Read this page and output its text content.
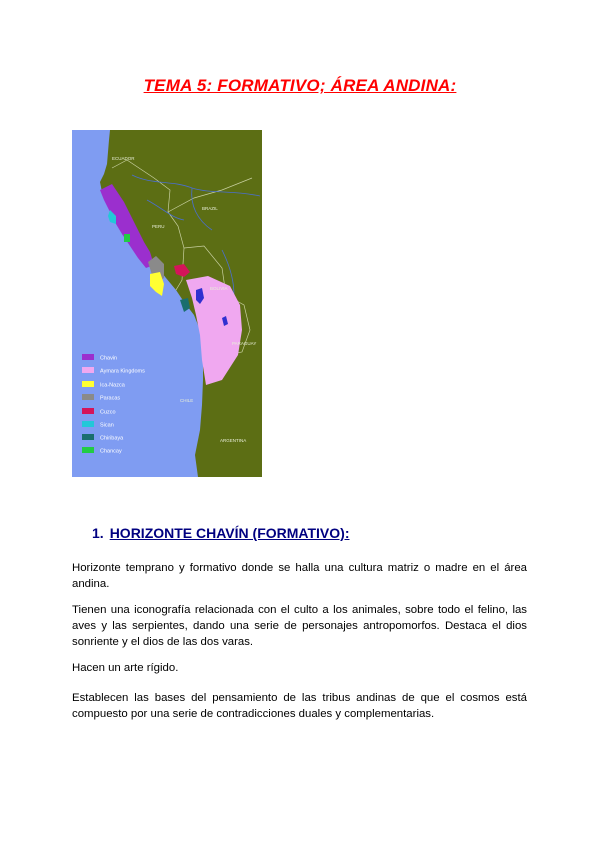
TEMA 5: FORMATIVO; ÁREA ANDINA:
ECUADOR
PERU
BRAZIL
BOLIVIA
PARAGUAY
CHILE
ARGENTINA
Chavin
Aymara Kingdoms
Ica-Nazca
Paracas
Cuzco
Sican
Chiribaya
Chancay
1. HORIZONTE CHAVÍN (FORMATIVO):
Horizonte temprano y formativo donde se halla una cultura matriz o madre en el área andina.
Tienen una iconografía relacionada con el culto a los animales, sobre todo el felino, las aves y las serpientes, dando una serie de personajes antropomorfos. Destaca el dios sonriente y el dios de las dos varas.
Hacen un arte rígido.
Establecen las bases del pensamiento de las tribus andinas de que el cosmos está compuesto por una serie de contradicciones duales y complementarias.
